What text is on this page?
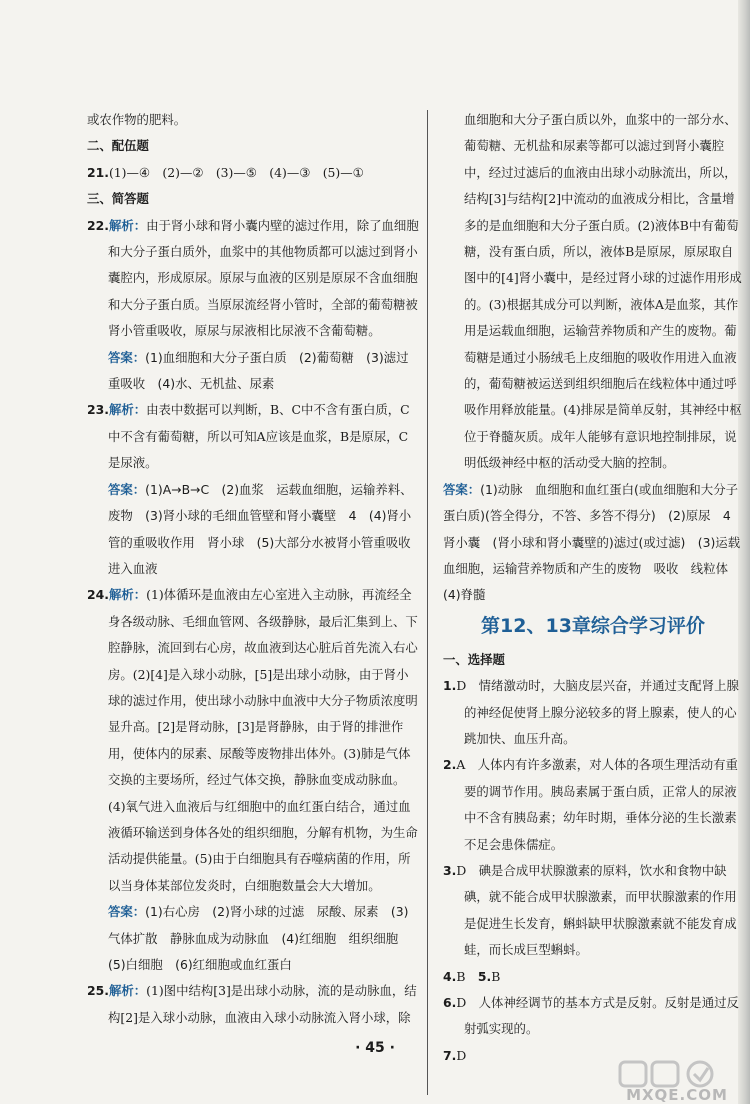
或农作物的肥料。

二、配伍题

21.(1)—④　(2)—②　(3)—⑤　(4)—③　(5)—①

三、简答题

22.解析：由于肾小球和肾小囊内壁的滤过作用，除了血细胞和大分子蛋白质外，血浆中的其他物质都可以滤过到肾小囊腔内，形成原尿。原尿与血液的区别是原尿不含血细胞和大分子蛋白质。当原尿流经肾小管时，全部的葡萄糖被肾小管重吸收，原尿与尿液相比尿液不含葡萄糖。

答案：(1)血细胞和大分子蛋白质　(2)葡萄糖　(3)滤过　重吸收　(4)水、无机盐、尿素

23.解析：由表中数据可以判断，B、C中不含有蛋白质，C中不含有葡萄糖，所以可知A应该是血浆，B是原尿，C是尿液。

答案：(1)A→B→C　(2)血浆　运载血细胞，运输养料、废物　(3)肾小球的毛细血管壁和肾小囊壁　4　(4)肾小管的重吸收作用　肾小球　(5)大部分水被肾小管重吸收进入血液

24.解析：(1)体循环是血液由左心室进入主动脉，再流经全身各级动脉、毛细血管网、各级静脉，最后汇集到上、下腔静脉，流回到右心房，故血液到达心脏后首先流入右心房。(2)[4]是入球小动脉，[5]是出球小动脉，由于肾小球的滤过作用，使出球小动脉中血液中大分子物质浓度明显升高。[2]是肾动脉，[3]是肾静脉，由于肾的排泄作用，使体内的尿素、尿酸等废物排出体外。(3)肺是气体交换的主要场所，经过气体交换，静脉血变成动脉血。(4)氧气进入血液后与红细胞中的血红蛋白结合，通过血液循环输送到身体各处的组织细胞，分解有机物，为生命活动提供能量。(5)由于白细胞具有吞噬病菌的作用，所以当身体某部位发炎时，白细胞数量会大大增加。

答案：(1)右心房　(2)肾小球的过滤　尿酸、尿素　(3)气体扩散　静脉血成为动脉血　(4)红细胞　组织细胞　(5)白细胞　(6)红细胞或血红蛋白

25.解析：(1)图中结构[3]是出球小动脉，流的是动脉血，结构[2]是入球小动脉，血液由入球小动脉流入肾小球，除

血细胞和大分子蛋白质以外，血浆中的一部分水、葡萄糖、无机盐和尿素等都可以滤过到肾小囊腔中，经过过滤后的血液由出球小动脉流出，所以，结构[3]与结构[2]中流动的血液成分相比，含量增多的是血细胞和大分子蛋白质。(2)液体B中有葡萄糖，没有蛋白质，所以，液体B是原尿，原尿取自图中的[4]肾小囊中，是经过肾小球的过滤作用形成的。(3)根据其成分可以判断，液体A是血浆，其作用是运载血细胞，运输营养物质和产生的废物。葡萄糖是通过小肠绒毛上皮细胞的吸收作用进入血液的，葡萄糖被运送到组织细胞后在线粒体中通过呼吸作用释放能量。(4)排尿是简单反射，其神经中枢位于脊髓灰质。成年人能够有意识地控制排尿，说明低级神经中枢的活动受大脑的控制。

答案：(1)动脉　血细胞和血红蛋白(或血细胞和大分子蛋白质)(答全得分，不答、多答不得分)　(2)原尿　4　肾小囊　(肾小球和肾小囊壁的)滤过(或过滤)　(3)运载血细胞，运输营养物质和产生的废物　吸收　线粒体　(4)脊髓

第12、13章综合学习评价

一、选择题

1.D　情绪激动时，大脑皮层兴奋，并通过支配肾上腺的神经促使肾上腺分泌较多的肾上腺素，使人的心跳加快、血压升高。

2.A　人体内有许多激素，对人体的各项生理活动有重要的调节作用。胰岛素属于蛋白质，正常人的尿液中不含有胰岛素；幼年时期，垂体分泌的生长激素不足会患侏儒症。

3.D　碘是合成甲状腺激素的原料，饮水和食物中缺碘，就不能合成甲状腺激素，而甲状腺激素的作用是促进生长发育，蝌蚪缺甲状腺激素就不能发育成蛙，而长成巨型蝌蚪。

4.B　5.B

6.D　人体神经调节的基本方式是反射。反射是通过反射弧实现的。

7.D

· 45 ·
MXQE.COM
